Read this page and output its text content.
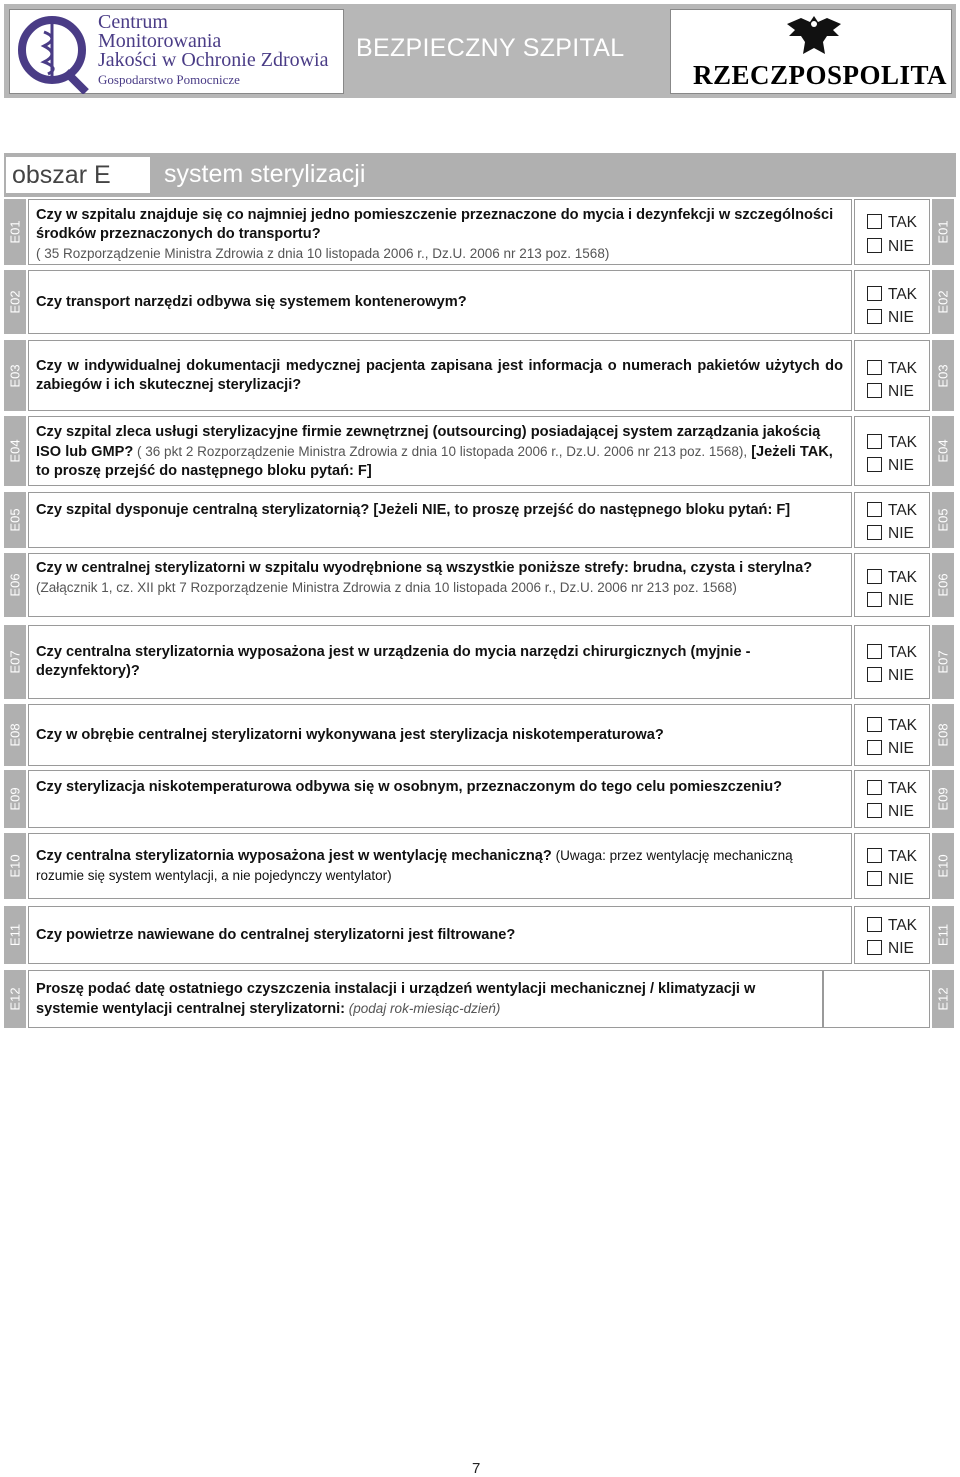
Centrum
Monitorowania
Jakości w Ochronie Zdrowia
Gospodarstwo Pomocnicze
BEZPIECZNY SZPITAL
RZECZPOSPOLITA
obszar E	system sterylizacji
E01
Czy w szpitalu znajduje się co najmniej jedno pomieszczenie przeznaczone do mycia i dezynfekcji w szczególności środków przeznaczonych do transportu?
( 35 Rozporządzenie Ministra Zdrowia z dnia 10 listopada 2006 r., Dz.U. 2006 nr 213 poz. 1568)
TAK
NIE
E01
E02 Czy transport narzędzi odbywa się systemem kontenerowym?	TAK
NIE
E02
E03 Czy w indywidualnej dokumentacji medycznej pacjenta zapisana jest informacja o numerach pakietów użytych do zabiegów i ich skutecznej sterylizacji?
TAK
NIE
E03
E04
Czy szpital zleca usługi sterylizacyjne firmie zewnętrznej (outsourcing) posiadającej system zarządzania jakością ISO lub GMP? ( 36 pkt 2 Rozporządzenie Ministra Zdrowia z dnia 10 listopada 2006 r., Dz.U. 2006 nr 213 poz. 1568), [Jeżeli TAK, to proszę przejść do następnego bloku pytań: F]
TAK
NIE
E04
E05 Czy szpital dysponuje centralną sterylizatornią? [Jeżeli NIE, to proszę przejść do następnego bloku pytań: F]	TAK
NIE
E05
E06
Czy w centralnej sterylizatorni w szpitalu wyodrębnione są wszystkie poniższe strefy: brudna, czysta i sterylna?
(Załącznik 1, cz. XII pkt 7 Rozporządzenie Ministra Zdrowia z dnia 10 listopada 2006 r., Dz.U. 2006 nr 213 poz. 1568)
TAK
NIE
E06
E07 Czy centralna sterylizatornia wyposażona jest w urządzenia do mycia narzędzi chirurgicznych (myjnie - dezynfektory)?
TAK
NIE
E07
E08 Czy w obrębie centralnej sterylizatorni wykonywana jest sterylizacja niskotemperaturowa?
TAK
NIE
E08
E09
Czy sterylizacja niskotemperaturowa odbywa się w osobnym, przeznaczonym do tego celu pomieszczeniu?	TAK
NIE
E09
E10 Czy centralna sterylizatornia wyposażona jest w wentylację mechaniczną? (Uwaga: przez wentylację mechaniczną rozumie się system wentylacji, a nie pojedynczy wentylator)
TAK
NIE
E10
E11 Czy powietrze nawiewane do centralnej sterylizatorni jest filtrowane?
TAK
NIE
E11
E12 Proszę podać datę ostatniego czyszczenia instalacji i urządzeń wentylacji mechanicznej / klimatyzacji w systemie wentylacji centralnej sterylizatorni: (podaj rok-miesiąc-dzień)	E12
7
